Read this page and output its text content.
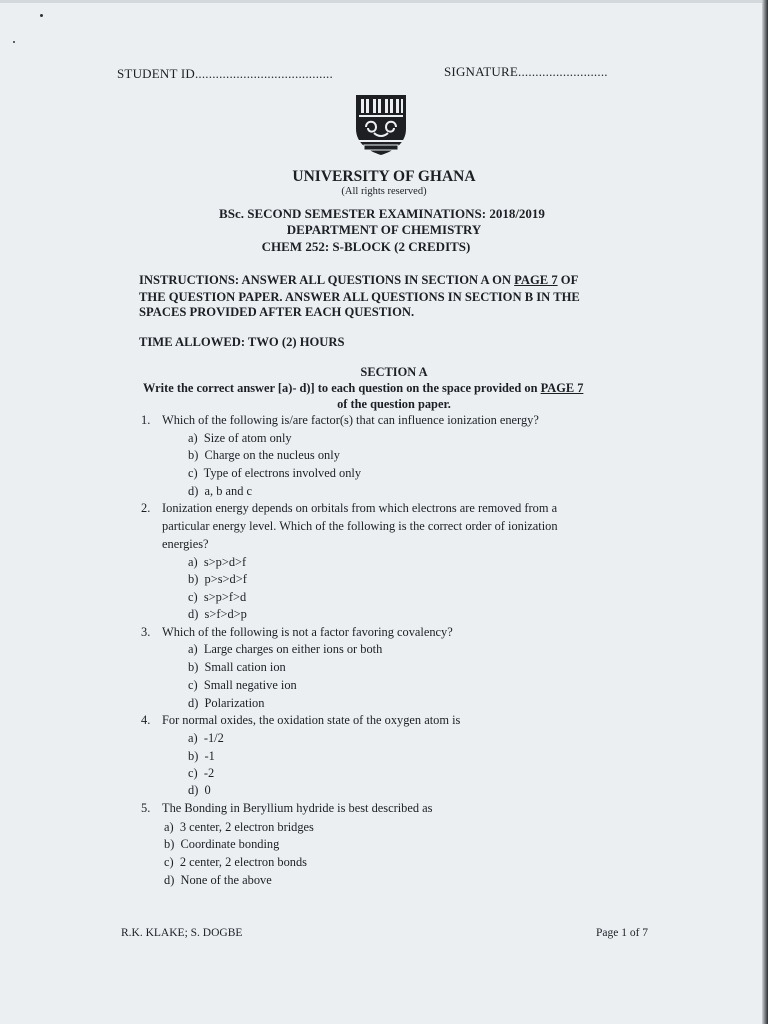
STUDENT ID........................................	SIGNATURE..........................
UNIVERSITY OF GHANA
(All rights reserved)
BSc. SECOND SEMESTER EXAMINATIONS: 2018/2019
DEPARTMENT OF CHEMISTRY
CHEM 252: S-BLOCK (2 CREDITS)
INSTRUCTIONS: ANSWER ALL QUESTIONS IN SECTION A ON PAGE 7 OF
THE QUESTION PAPER. ANSWER ALL QUESTIONS IN SECTION B IN THE
SPACES PROVIDED AFTER EACH QUESTION.
TIME ALLOWED: TWO (2) HOURS
SECTION A
Write the correct answer [a)- d)] to each question on the space provided on PAGE 7
of the question paper.
1. Which of the following is/are factor(s) that can influence ionization energy?
a) Size of atom only
b) Charge on the nucleus only
c) Type of electrons involved only
d) a, b and c
2. Ionization energy depends on orbitals from which electrons are removed from a
particular energy level. Which of the following is the correct order of ionization
energies?
a) s>p>d>f
b) p>s>d>f
c) s>p>f>d
d) s>f>d>p
3. Which of the following is not a factor favoring covalency?
a) Large charges on either ions or both
b) Small cation ion
c) Small negative ion
d) Polarization
4. For normal oxides, the oxidation state of the oxygen atom is
a) -1/2
b) -1
c) -2
d) 0
5. The Bonding in Beryllium hydride is best described as
a) 3 center, 2 electron bridges
b) Coordinate bonding
c) 2 center, 2 electron bonds
d) None of the above
R.K. KLAKE; S. DOGBE	Page 1 of 7
